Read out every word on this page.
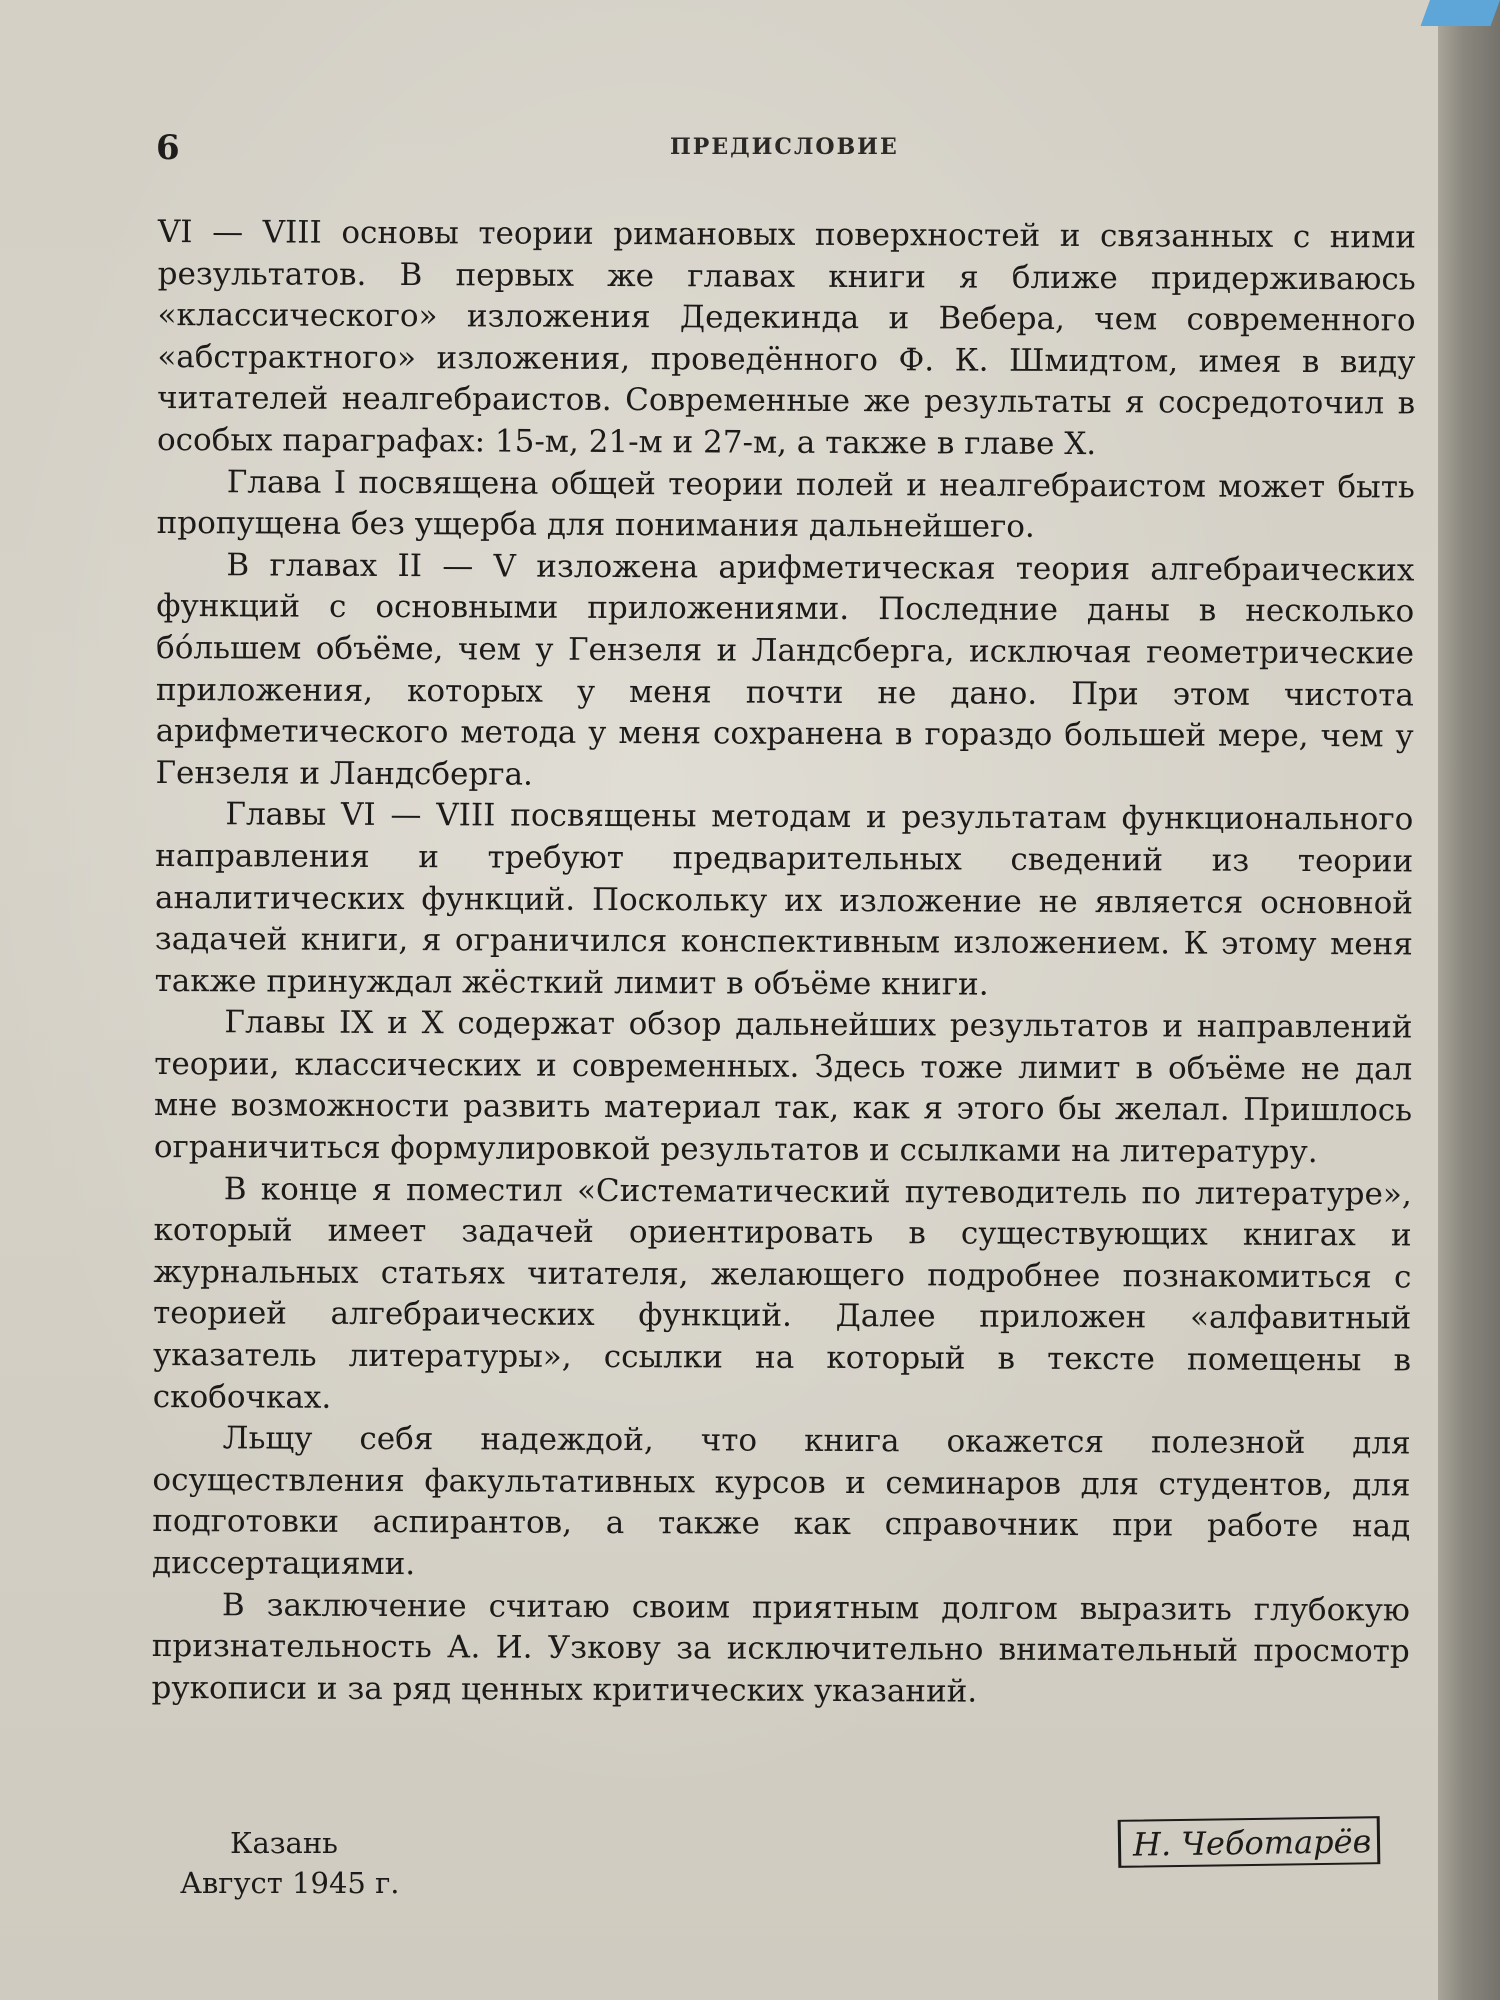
6	ПРЕДИСЛОВИЕ

VI — VIII основы теории римановых поверхностей и связанных с ними результатов. В первых же главах книги я ближе придерживаюсь «классического» изложения Дедекинда и Вебера, чем современного «абстрактного» изложения, проведённого Ф. К. Шмидтом, имея в виду читателей неалгебраистов. Современные же результаты я сосредоточил в особых параграфах: 15-м, 21-м и 27-м, а также в главе X.

Глава I посвящена общей теории полей и неалгебраистом может быть пропущена без ущерба для понимания дальнейшего.

В главах II — V изложена арифметическая теория алгебраических функций с основными приложениями. Последние даны в несколько бо́льшем объёме, чем у Гензеля и Ландсберга, исключая геометрические приложения, которых у меня почти не дано. При этом чистота арифметического метода у меня сохранена в гораздо большей мере, чем у Гензеля и Ландсберга.

Главы VI — VIII посвящены методам и результатам функционального направления и требуют предварительных сведений из теории аналитических функций. Поскольку их изложение не является основной задачей книги, я ограничился конспективным изложением. К этому меня также принуждал жёсткий лимит в объёме книги.

Главы IX и X содержат обзор дальнейших результатов и направлений теории, классических и современных. Здесь тоже лимит в объёме не дал мне возможности развить материал так, как я этого бы желал. Пришлось ограничиться формулировкой результатов и ссылками на литературу.

В конце я поместил «Систематический путеводитель по литературе», который имеет задачей ориентировать в существующих книгах и журнальных статьях читателя, желающего подробнее познакомиться с теорией алгебраических функций. Далее приложен «алфавитный указатель литературы», ссылки на который в тексте помещены в скобочках.

Льщу себя надеждой, что книга окажется полезной для осуществления факультативных курсов и семинаров для студентов, для подготовки аспирантов, а также как справочник при работе над диссертациями.

В заключение считаю своим приятным долгом выразить глубокую признательность А. И. Узкову за исключительно внимательный просмотр рукописи и за ряд ценных критических указаний.

Казань
Август 1945 г.
Н. Чеботарёв
